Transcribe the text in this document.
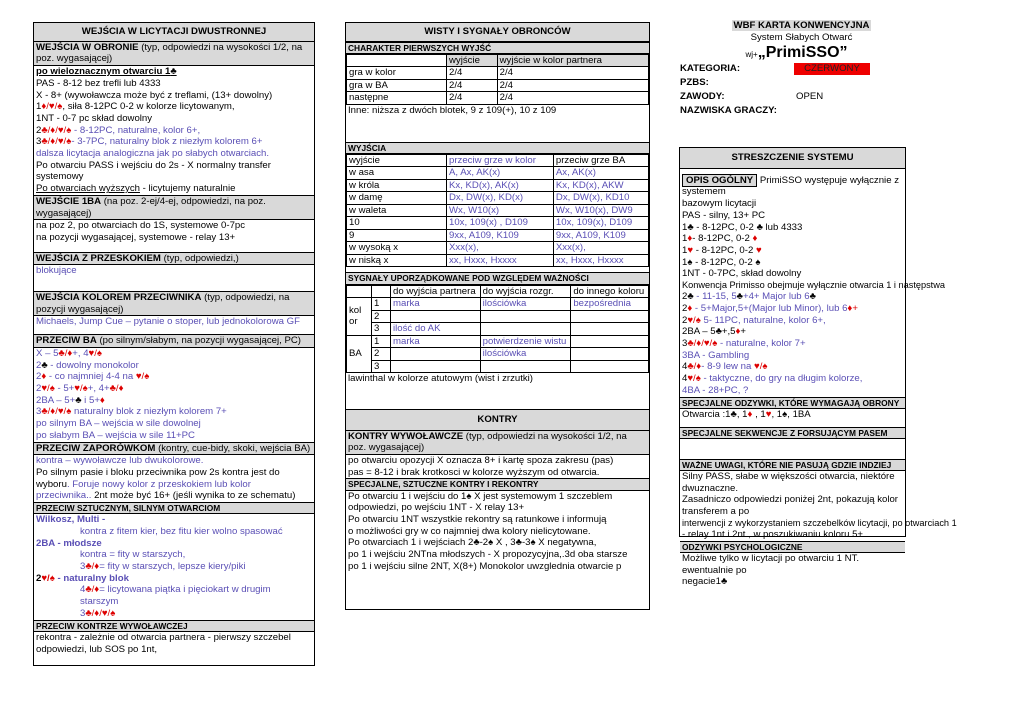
WEJŚCIA W LICYTACJI DWUSTRONNEJ
WEJŚCIA W OBRONIE (typ, odpowiedzi na wysokości 1/2, na poz. wygasającej)
po wieloznacznym otwarciu 1♣
PAS - 8-12 bez trefli lub 4333
X - 8+ (wywoławcza może być z treflami, (13+ dowolny)
1♦/♥/♠, siła 8-12PC 0-2 w kolorze licytowanym,
1NT - 0-7 pc skład dowolny
2♣/♦/♥/♠ - 8-12PC, naturalne, kolor 6+,
3♣/♦/♥/♠- 3-7PC, naturalny blok z niezłym kolorem 6+
dalsza licytacja analogiczna jak po słabych otwarciach.
Po otwarciu PASS i wejściu do 2s - X normalny transfer
systemowy
Po otwarciach wyższych - licytujemy naturalnie
WEJŚCIE 1BA (na poz. 2-ej/4-ej, odpowiedzi, na poz. wygasającej)
na poz 2, po otwarciach do 1S, systemowe 0-7pc
na pozycji wygasającej, systemowe - relay 13+
WEJŚCIA Z PRZESKOKIEM (typ, odpowiedzi,)
blokujące
WEJŚCIA KOLOREM PRZECIWNIKA (typ, odpowiedzi, na pozycji wygasającej)
Michaels, Jump Cue – pytanie o stoper, lub jednokolorowa GF
PRZECIW BA (po silnym/słabym, na pozycji wygasającej, PC)
X – 5♣/♦+, 4♥/♠
2♣ - dowolny monokolor
2♦ - co najmniej 4-4 na ♥/♠
2♥/♠ - 5+♥/♠+, 4+♣/♦
2BA – 5+♣ i 5+♦
3♣/♦/♥/♠ naturalny blok z niezłym kolorem 7+
po silnym BA – wejścia w sile dowolnej
po słabym BA – wejścia w sile 11+PC
PRZECIW ZAPORÓWKOM (kontry, cue-bidy, skoki, wejścia BA)
kontra – wywoławcze lub dwukolorowe.
Po silnym pasie i bloku przeciwnika pow 2s kontra jest do
wyboru. Foruje nowy kolor z przeskokiem lub kolor
przeciwnika.. 2nt może być 16+ (jeśli wynika to ze schematu)
PRZECIW SZTUCZNYM, SILNYM OTWARCIOM
Wilkosz, Multi -
kontra z fitem kier, bez fitu kier wolno spasować
2BA - młodsze
kontra = fity w starszych,
3♣/♦= fity w starszych, lepsze kiery/piki
2♥/♠ - naturalny blok
4♣/♦= licytowana piątka i pięciokart w drugim
starszym
3♣/♦/♥/♠
PRZECIW KONTRZE WYWOŁAWCZEJ
rekontra - zależnie od otwarcia partnera - pierwszy szczebel
odpowiedzi, lub SOS po 1nt,
WISTY I SYGNAŁY OBRONCÓW
CHARAKTER PIERWSZYCH WYJŚĆ
	wyjście	wyjście w kolor partnera
gra w kolor	2/4	2/4
gra w BA	2/4	2/4
następne	2/4	2/4
Inne: niższa z dwóch blotek, 9 z 109(+), 10 z 109
WYJŚCIA
wyjście	przeciw grze w kolor	przeciw grze BA
w asa	A, Ax, AK(x)	Ax, AK(x)
w króla	Kx, KD(x), AK(x)	Kx, KD(x), AKW
w damę	Dx, DW(x), KD(x)	Dx, DW(x), KD10
w waleta	Wx, W10(x)	Wx, W10(x), DW9
10	10x, 109(x) , D109	10x, 109(x), D109
9	9xx, A109, K109	9xx, A109, K109
w wysoką x	Xxx(x),	Xxx(x),
w niską x	xx, Hxxx, Hxxxx	xx, Hxxx, Hxxxx
SYGNAŁY UPORZĄDKOWANE POD WZGLĘDEM WAŻNOŚCI
		do wyjścia partnera	do wyjścia rozgr.	do innego koloru
kol or	1	marka	ilościówka	bezpośrednia
	2			
	3	ilość do AK		
BA	1	marka	potwierdzenie wistu	
	2		ilościówka	
	3			
lawinthal w kolorze atutowym (wist i zrzutki)
KONTRY
KONTRY WYWOŁAWCZE (typ, odpowiedzi na wysokości 1/2, na poz. wygasającej)
po otwarciu opozycji X oznacza 8+ i kartę spoza zakresu (pas)
pas = 8-12 i brak krotkosci w kolorze wyższym od otwarcia.
SPECJALNE, SZTUCZNE KONTRY I REKONTRY
Po otwarciu 1 i wejściu do 1♠ X jest systemowym 1 szczeblem
odpowiedzi, po wejściu 1NT - X relay 13+
Po otwarciu 1NT wszystkie rekontry są ratunkowe i informują
o możliwości gry w co najmniej dwa kolory nielicytowane.
Po otwarciach 1 i wejściach 2♣-2♠ X , 3♣-3♠ X negatywna,
po 1 i wejściu 2NTna młodszych - X propozycyjna,.3d oba starsze
po 1 i wejściu silne 2NT, X(8+) Monokolor uwzglednia otwarcie p
WBF KARTA KONWENCYJNA
System Słabych Otwarć
wj+„PrimiSSO”
KATEGORIA:	CZERWONY
PZBS:
ZAWODY:	OPEN
NAZWISKA GRACZY:
STRESZCZENIE SYSTEMU
OPIS OGÓLNY PrimiSSO występuje wyłącznie z systemem
bazowym licytacji
PAS - silny, 13+ PC
1♣ - 8-12PC, 0-2 ♣ lub 4333
1♦- 8-12PC, 0-2 ♦
1♥ - 8-12PC, 0-2 ♥
1♠ - 8-12PC, 0-2 ♠
1NT - 0-7PC, skład dowolny
Konwencja Primisso obejmuje wyłącznie otwarcia 1 i następstwa
2♣ - 11-15, 5♣+4+ Major lub 6♣
2♦ - 5+Major,5+(Major lub Minor), lub 6♦+
2♥/♠ 5- 11PC, naturalne, kolor 6+,
2BA – 5♣+,5♦+
3♣/♦/♥/♠ - naturalne, kolor 7+
3BA - Gambling
4♣/♦- 8-9 lew na ♥/♠
4♥/♠ - taktyczne, do gry na długim kolorze,
4BA - 28+PC, ?
SPECJALNE ODZYWKI, KTÓRE WYMAGAJĄ OBRONY
Otwarcia :1♣, 1♦ , 1♥, 1♠, 1BA
SPECJALNE SEKWENCJE Z FORSUJĄCYM PASEM
WAŻNE UWAGI, KTÓRE NIE PASUJĄ GDZIE INDZIEJ
Silny PASS, słabe w większości otwarcia, niektóre dwuznaczne.
Zasadniczo odpowiedzi poniżej 2nt, pokazują kolor transferem a po
interwencji z wykorzystaniem szczebelków licytacji, po otwarciach 1
- relay 1nt i 2nt , w poszukiwaniu koloru 5+.
ODZYWKI PSYCHOLOGICZNE
Możliwe tylko w licytacji po otwarciu 1 NT. ewentualnie po
negacie1♣
